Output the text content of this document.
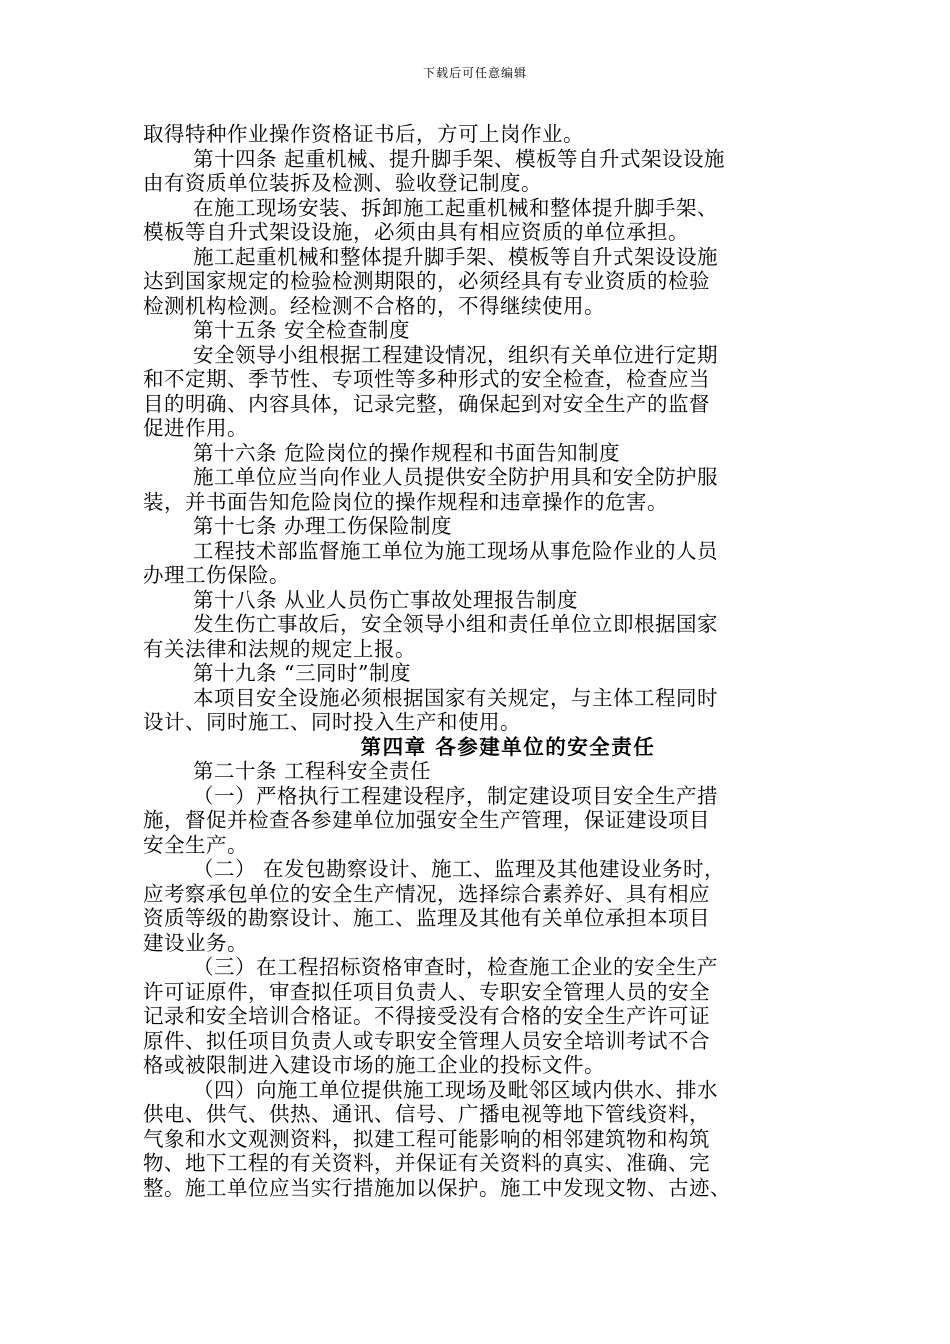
下载后可任意编辑
取得特种作业操作资格证书后，方可上岗作业。
第十四条 起重机械、提升脚手架、模板等自升式架设设施
由有资质单位装拆及检测、验收登记制度。
在施工现场安装、拆卸施工起重机械和整体提升脚手架、
模板等自升式架设设施，必须由具有相应资质的单位承担。
施工起重机械和整体提升脚手架、模板等自升式架设设施
达到国家规定的检验检测期限的，必须经具有专业资质的检验
检测机构检测。经检测不合格的，不得继续使用。
第十五条 安全检查制度
安全领导小组根据工程建设情况，组织有关单位进行定期
和不定期、季节性、专项性等多种形式的安全检查，检查应当
目的明确、内容具体，记录完整，确保起到对安全生产的监督
促进作用。
第十六条 危险岗位的操作规程和书面告知制度
施工单位应当向作业人员提供安全防护用具和安全防护服
装，并书面告知危险岗位的操作规程和违章操作的危害。
第十七条 办理工伤保险制度
工程技术部监督施工单位为施工现场从事危险作业的人员
办理工伤保险。
第十八条 从业人员伤亡事故处理报告制度
发生伤亡事故后，安全领导小组和责任单位立即根据国家
有关法律和法规的规定上报。
第十九条 “三同时”制度
本项目安全设施必须根据国家有关规定，与主体工程同时
设计、同时施工、同时投入生产和使用。
第四章 各参建单位的安全责任
第二十条 工程科安全责任
（一）严格执行工程建设程序，制定建设项目安全生产措
施，督促并检查各参建单位加强安全生产管理，保证建设项目
安全生产。
（二） 在发包勘察设计、施工、监理及其他建设业务时，
应考察承包单位的安全生产情况，选择综合素养好、具有相应
资质等级的勘察设计、施工、监理及其他有关单位承担本项目
建设业务。
（三）在工程招标资格审查时，检查施工企业的安全生产
许可证原件，审查拟任项目负责人、专职安全管理人员的安全
记录和安全培训合格证。不得接受没有合格的安全生产许可证
原件、拟任项目负责人或专职安全管理人员安全培训考试不合
格或被限制进入建设市场的施工企业的投标文件。
（四）向施工单位提供施工现场及毗邻区域内供水、排水
供电、供气、供热、通讯、信号、广播电视等地下管线资料，
气象和水文观测资料，拟建工程可能影响的相邻建筑物和构筑
物、地下工程的有关资料，并保证有关资料的真实、准确、完
整。施工单位应当实行措施加以保护。施工中发现文物、古迹、
